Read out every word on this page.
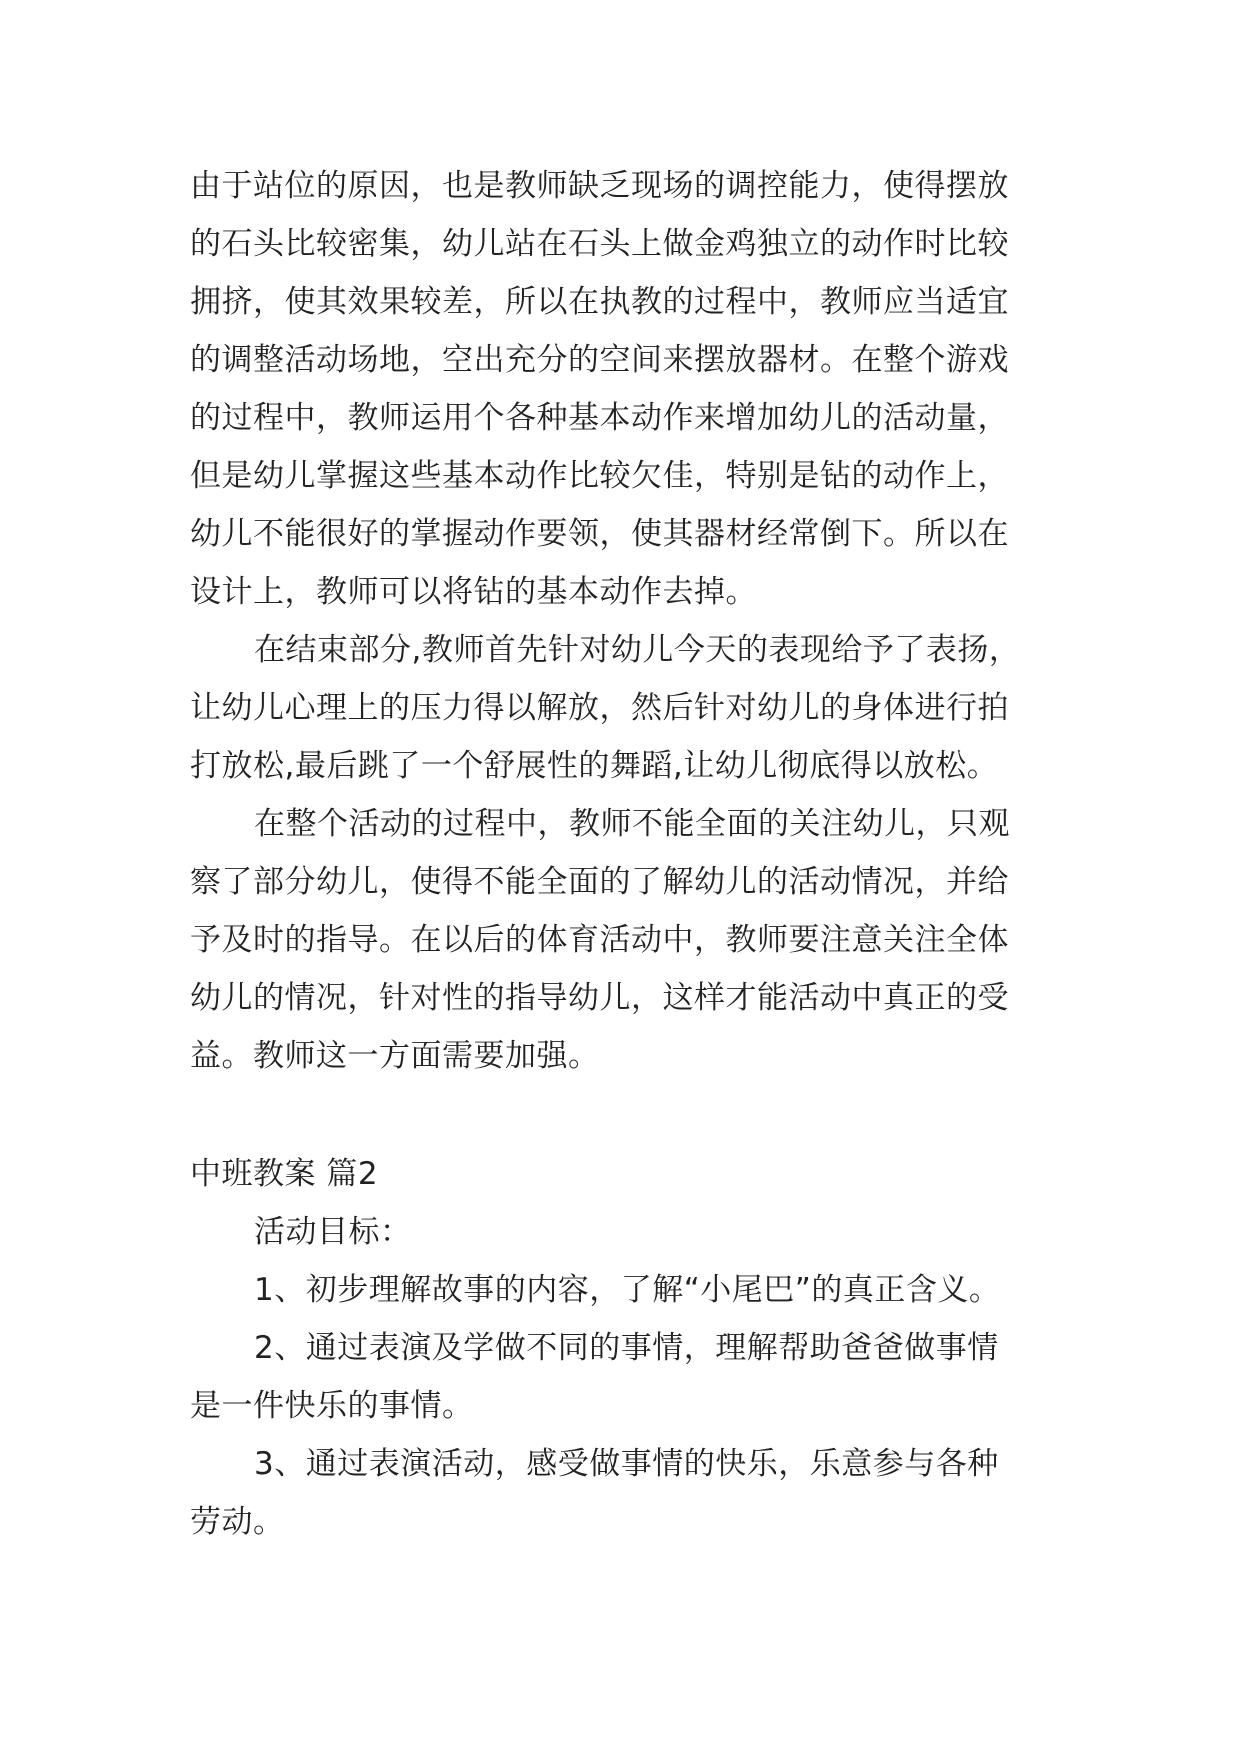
由于站位的原因，也是教师缺乏现场的调控能力，使得摆放
的石头比较密集，幼儿站在石头上做金鸡独立的动作时比较
拥挤，使其效果较差，所以在执教的过程中，教师应当适宜
的调整活动场地，空出充分的空间来摆放器材。在整个游戏
的过程中，教师运用个各种基本动作来增加幼儿的活动量，
但是幼儿掌握这些基本动作比较欠佳，特别是钻的动作上，
幼儿不能很好的掌握动作要领，使其器材经常倒下。所以在
设计上，教师可以将钻的基本动作去掉。
在结束部分,教师首先针对幼儿今天的表现给予了表扬，
让幼儿心理上的压力得以解放，然后针对幼儿的身体进行拍
打放松,最后跳了一个舒展性的舞蹈,让幼儿彻底得以放松。
在整个活动的过程中，教师不能全面的关注幼儿，只观
察了部分幼儿，使得不能全面的了解幼儿的活动情况，并给
予及时的指导。在以后的体育活动中，教师要注意关注全体
幼儿的情况，针对性的指导幼儿，这样才能活动中真正的受
益。教师这一方面需要加强。
中班教案 篇2
活动目标：
1、初步理解故事的内容，了解“小尾巴”的真正含义。
2、通过表演及学做不同的事情，理解帮助爸爸做事情
是一件快乐的事情。
3、通过表演活动，感受做事情的快乐，乐意参与各种
劳动。
